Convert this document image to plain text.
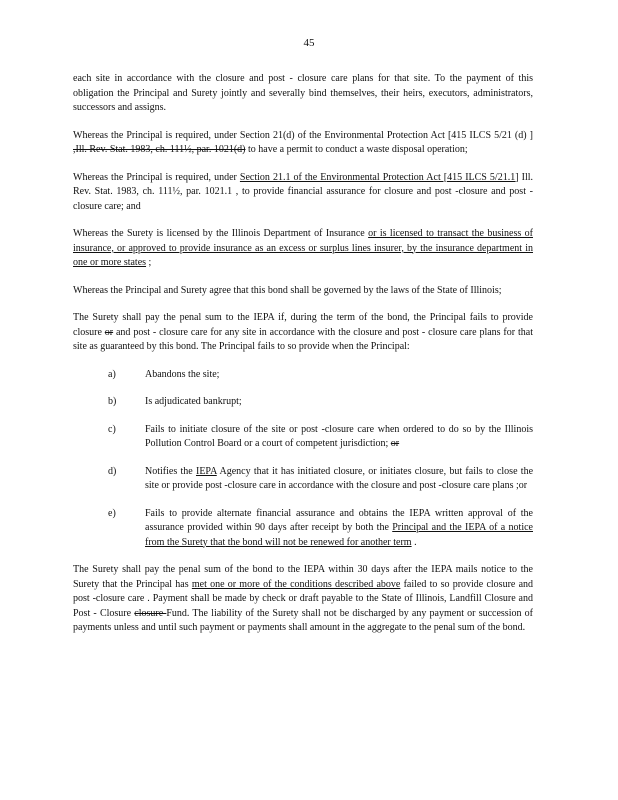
45

each site in accordance with the closure and post - closure care plans for that site. To the payment of this obligation the Principal and Surety jointly and severally bind themselves, their heirs, executors, administrators, successors and assigns.

Whereas the Principal is required, under Section 21(d) of the Environmental Protection Act [415 ILCS 5/21 (d) ] ,Ill. Rev. Stat. 1983, ch. 111½, par. 1021(d) to have a permit to conduct a waste disposal operation;

Whereas the Principal is required, under Section 21.1 of the Environmental Protection Act [415 ILCS 5/21.1] Ill. Rev. Stat. 1983, ch. 111½, par. 1021.1 , to provide financial assurance for closure and post -closure and post -closure care; and

Whereas the Surety is licensed by the Illinois Department of Insurance or is licensed to transact the business of insurance, or approved to provide insurance as an excess or surplus lines insurer, by the insurance department in one or more states ;

Whereas the Principal and Surety agree that this bond shall be governed by the laws of the State of Illinois;

The Surety shall pay the penal sum to the IEPA if, during the term of the bond, the Principal fails to provide closure or and post - closure care for any site in accordance with the closure and post - closure care plans for that site as guaranteed by this bond. The Principal fails to so provide when the Principal:

a)	Abandons the site;
b)	Is adjudicated bankrupt;
c)	Fails to initiate closure of the site or post -closure care when ordered to do so by the Illinois Pollution Control Board or a court of competent jurisdiction; or
d)	Notifies the IEPA Agency that it has initiated closure, or initiates closure, but fails to close the site or provide post -closure care in accordance with the closure and post -closure care plans ;or
e)	Fails to provide alternate financial assurance and obtains the IEPA written approval of the assurance provided within 90 days after receipt by both the Principal and the IEPA of a notice from the Surety that the bond will not be renewed for another term .

The Surety shall pay the penal sum of the bond to the IEPA within 30 days after the IEPA mails notice to the Surety that the Principal has met one or more of the conditions described above failed to so provide closure and post -closure care . Payment shall be made by check or draft payable to the State of Illinois, Landfill Closure and Post - Closure closure Fund. The liability of the Surety shall not be discharged by any payment or succession of payments unless and until such payment or payments shall amount in the aggregate to the penal sum of the bond.
